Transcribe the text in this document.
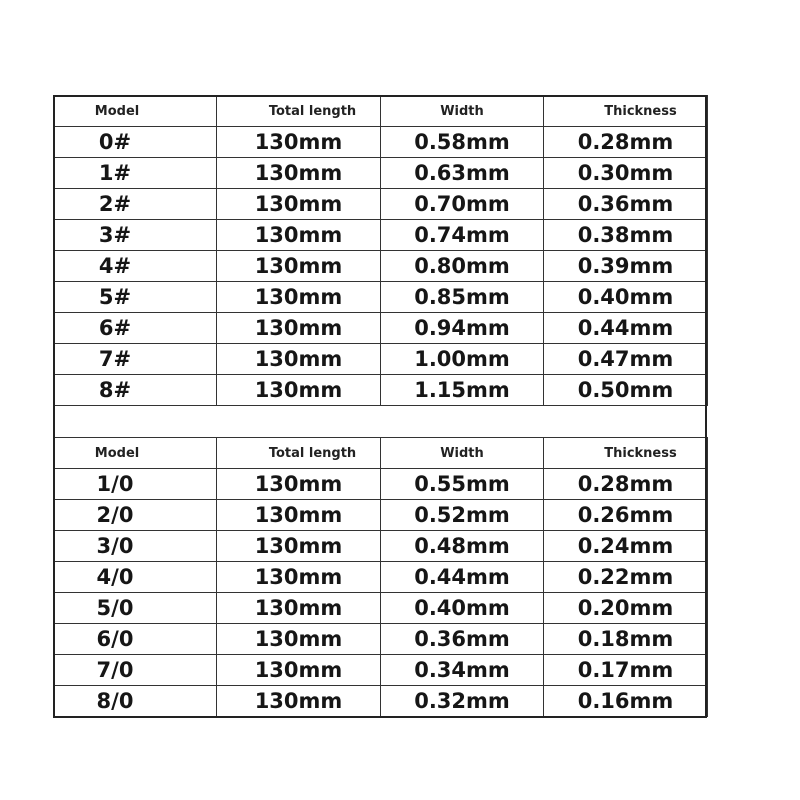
Model	Total length	Width	Thickness
0#	130mm	0.58mm	0.28mm
1#	130mm	0.63mm	0.30mm
2#	130mm	0.70mm	0.36mm
3#	130mm	0.74mm	0.38mm
4#	130mm	0.80mm	0.39mm
5#	130mm	0.85mm	0.40mm
6#	130mm	0.94mm	0.44mm
7#	130mm	1.00mm	0.47mm
8#	130mm	1.15mm	0.50mm
Model	Total length	Width	Thickness
1/0	130mm	0.55mm	0.28mm
2/0	130mm	0.52mm	0.26mm
3/0	130mm	0.48mm	0.24mm
4/0	130mm	0.44mm	0.22mm
5/0	130mm	0.40mm	0.20mm
6/0	130mm	0.36mm	0.18mm
7/0	130mm	0.34mm	0.17mm
8/0	130mm	0.32mm	0.16mm
